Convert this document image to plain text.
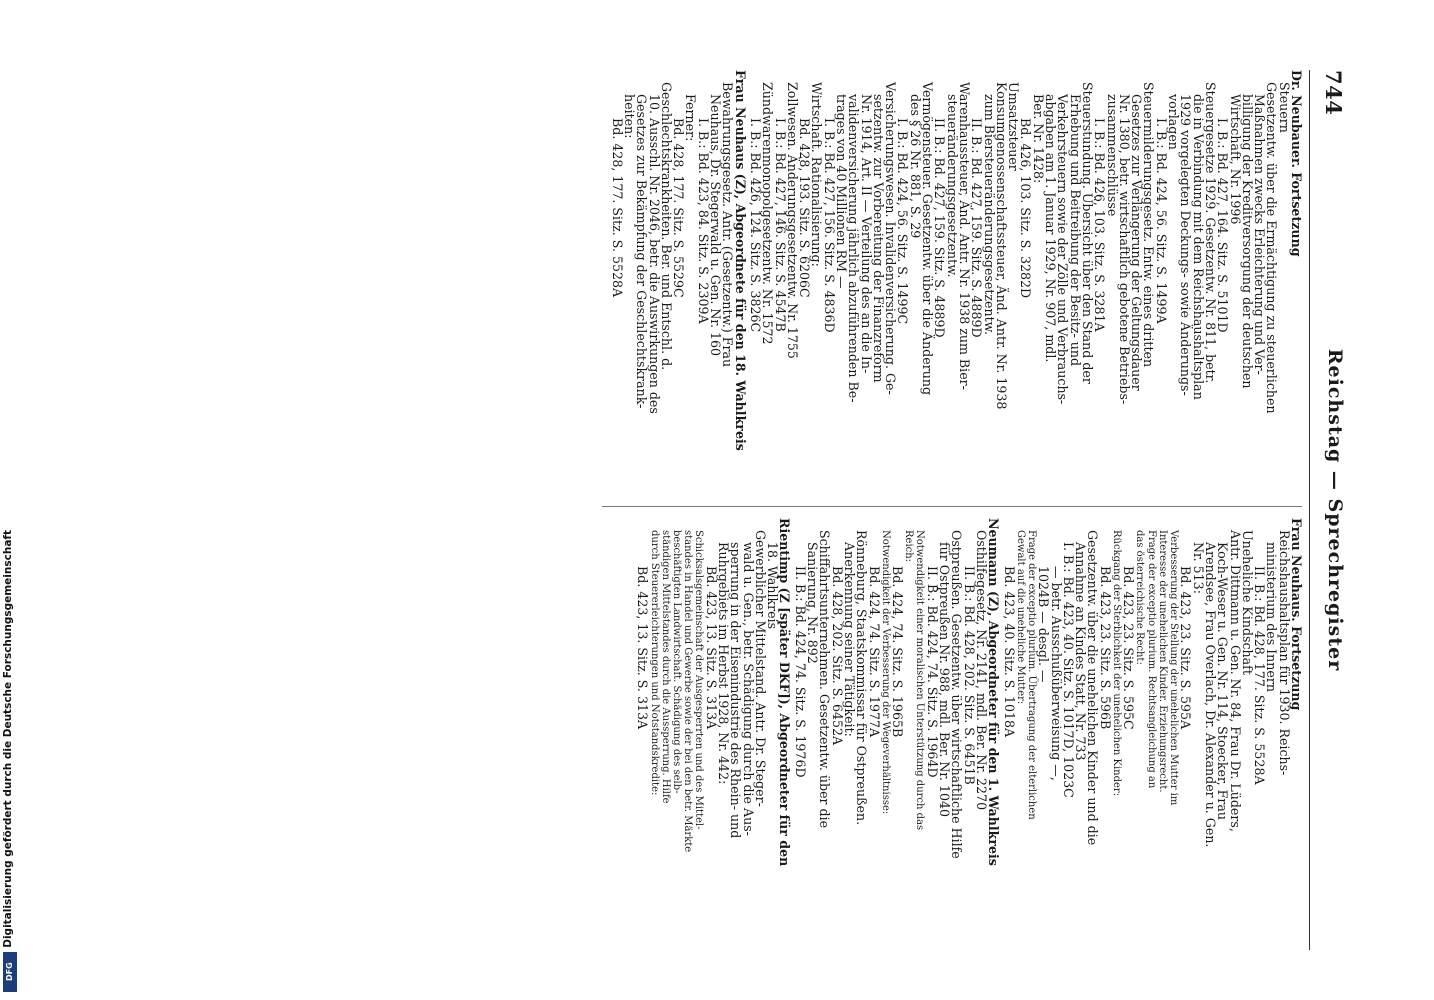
744
Reichstag — Sprechregister

Dr. Neubauer. Fortsetzung

Steuern

Gesetzentw. über die Ermächtigung zu steuerlichen

Maßnahmen zwecks Erleichterung und Ver-

billigung der Kreditversorgung der deutschen

Wirtschaft, Nr. 1996

I. B.: Bd. 427, 164. Sitz. S. 5101D

Steuergesetze 1929. Gesetzentw. Nr. 811, betr.

die in Verbindung mit dem Reichshaushaltsplan

1929 vorgelegten Deckungs- sowie Änderungs-

vorlagen

I. B.: Bd. 424, 56. Sitz. S. 1499A

Steuermilderungsgesetz. Entw. eines dritten

Gesetzes zur Verlängerung der Geltungsdauer

Nr. 1380, betr. wirtschaftlich gebotene Betriebs-

zusammenschlüsse

I. B.: Bd. 426, 103. Sitz. S. 3281A

Steuerstundung. Übersicht über den Stand der

Erhebung und Beitreibung der Besitz- und

Verkehrsteuern sowie der Zölle und Verbrauchs-

abgaben am 1. Januar 1929, Nr. 907, mdl.

Ber. Nr. 1428:

Bd. 426, 103. Sitz. S. 3282D

Umsatzsteuer

Konsumgenossenschaftssteuer, Änd. Antr. Nr. 1938

zum Biersteueränderungsgesetzentw.

II. B.: Bd. 427, 159. Sitz. S. 4889D

Warenhaussteuer, Änd. Antr. Nr. 1938 zum Bier-

steueränderungsgesetzentw.

II. B.: Bd. 427, 159. Sitz. S. 4889D

Vermögensteuer. Gesetzentw. über die Änderung

des § 26 Nr. 881, S. 29

I. B.: Bd. 424, 56. Sitz. S. 1499C

Versicherungswesen. Invalidenversicherung. Ge-

setzentw. zur Vorbereitung der Finanzreform

Nr. 1914, Art. II — Verteilung des an die In-

validenversicherung jährlich abzuführenden Be-

trages von 40 Millionen RM —

I. B.: Bd. 427, 156. Sitz. S. 4836D

Wirtschaft. Rationalisierung:

Bd. 428, 193. Sitz. S. 6206C

Zollwesen. Änderungsgesetzentw. Nr. 1755

I. B.: Bd. 427, 146. Sitz. S. 4547B

Zündwarenmonopolgesetzentw. Nr. 1572

I. B.: Bd. 426, 124. Sitz. S. 3826C

Frau Neuhaus (Z), Abgeordnete für den 18. Wahlkreis

Bewahrungsgesetz. Antr. (Gesetzentw.) Frau

Neuhaus, Dr. Stegerwald u. Gen. Nr. 160

I. B.: Bd. 423, 84. Sitz. S. 2309A

Ferner:

Bd. 428, 177. Sitz. S. 5529C

Geschlechtskrankheiten. Ber. und Entschl. d.

10. Ausschl. Nr. 2046, betr. die Auswirkungen des

Gesetzes zur Bekämpfung der Geschlechtskrank-

heiten:

Bd. 428, 177. Sitz. S. 5528A

Frau Neuhaus. Fortsetzung

Reichshaushaltsplan für 1930. Reichs-

ministerium des Innern

II. B.: Bd. 428, 177. Sitz. S. 5528A

Uneheliche Kindschaft

Antr. Dittmann u. Gen. Nr. 84, Frau Dr. Lüders,

Koch-Weser u. Gen. Nr. 114, Stoecker, Frau

Arendsee, Frau Overlach, Dr. Alexander u. Gen.

Nr. 513:

Bd. 423, 23. Sitz. S. 595A

Verbesserung der Stellung der unehelichen Mutter im

Interesse der unehelichen Kinder. Erziehungsrecht.

Frage der exceptio plurium. Rechtsangleichung an

das österreichische Recht:

Bd. 423, 23. Sitz. S. 595C

Rückgang der Sterblichkeit der unehelichen Kinder:

Bd. 423, 23. Sitz. S. 596B

Gesetzentw. über die unehelichen Kinder und die

Annahme an Kindes Statt, Nr. 733

I. B.: Bd. 423, 40. Sitz. S. 1017D, 1023C

— betr. Ausschußüberweisung —,

1024B — desgl. —

Frage der exceptio plurium. Übertragung der elterlichen

Gewalt auf die uneheliche Mutter:

Bd. 423, 40. Sitz. S. 1018A

Neumann (Z), Abgeordneter für den 1. Wahlkreis

Osthilfegesetz, Nr. 2141, mdl. Ber. Nr. 2270

II. B.: Bd. 428, 202. Sitz. S. 6451B

Ostpreußen. Gesetzentw. über wirtschaftliche Hilfe

für Ostpreußen Nr. 988, mdl. Ber. Nr. 1040

II. B.: Bd. 424, 74. Sitz. S. 1964D

Notwendigkeit einer moralischen Unterstützung durch das

Reich:

Bd. 424, 74. Sitz. S. 1965B

Notwendigkeit der Verbesserung der Wegeverhältnisse:

Bd. 424, 74. Sitz. S. 1977A

Rönneburg, Staatskommissar für Ostpreußen.

Anerkennung seiner Tätigkeit:

Bd. 428, 202. Sitz. S. 6452A

Schiffahrtsunternehmen. Gesetzentw. über die

Sanierung, Nr. 892

II. B.: Bd. 424, 74. Sitz. S. 1976D

Rientimp (Z [später DKF]), Abgeordneter für den

18. Wahlkreis

Gewerblicher Mittelstand. Antr. Dr. Steger-

wald u. Gen., betr. Schädigung durch die Aus-

sperrung in der Eisenindustrie des Rhein- und

Ruhrgebiets im Herbst 1928, Nr. 442:

Bd. 423, 13. Sitz. S. 313A

Schicksalsgemeinschaft der Ausgesperrten und des Mittel-

standes in Handel und Gewerbe sowie der bei den betr. Märkte

beschäftigten Landwirtschaft. Schädigung des selb-

ständigen Mittelstandes durch die Aussperrung. Hilfe

durch Steuererleichterungen und Notstandskredite:

Bd. 423, 13. Sitz. S. 313A

Digitalisierung gefördert durch die Deutsche Forschungsgemeinschaft
DFG
